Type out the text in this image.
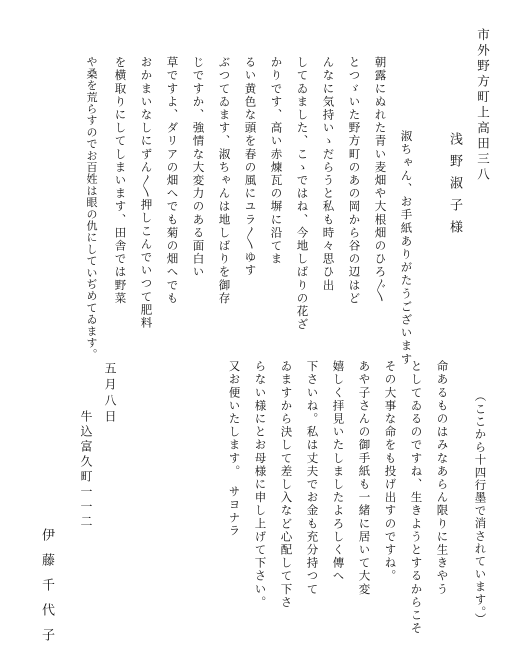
市外野方町上高田三八
浅野淑子様
淑ちゃん、お手紙ありがたうございます
朝露にぬれた青い麦畑や大根畑のひろ〴〵
とつゞいた野方町のあの岡から谷の辺はど
んなに気持いゝだらうと私も時々思ひ出
してゐました、こゝではね、今地しばりの花ざ
かりです、高い赤煉瓦の塀に沿てま
るい黄色な頭を春の風にユラ〳〵ゆす
ぶつてゐます、淑ちゃんは地しばりを御存
じですか、強情な大変力のある面白い
草ですよ、ダリアの畑へでも菊の畑へでも
おかまいなしにずん〳〵押しこんでいつて肥料
を横取りにしてしまいます、田舎では野菜
や桑を荒らすのでお百姓は眼の仇にしていぢめてゐます。
（ここから十四行墨で消されています。）
命あるものはみなあらん限りに生きやう
としてゐるのですね、生きようとするからこそ
その大事な命をも投げ出すのですね。
あや子さんの御手紙も一緒に居いて大変
嬉しく拝見いたしましたよろしく傳へ
下さいね。私は丈夫でお金も充分持つて
ゐますから決して差し入など心配して下さ
らない様にとお母様に申し上げて下さい。
又お便いたします。　サヨナラ
五月八日
牛込富久町一一二
伊藤千代子
